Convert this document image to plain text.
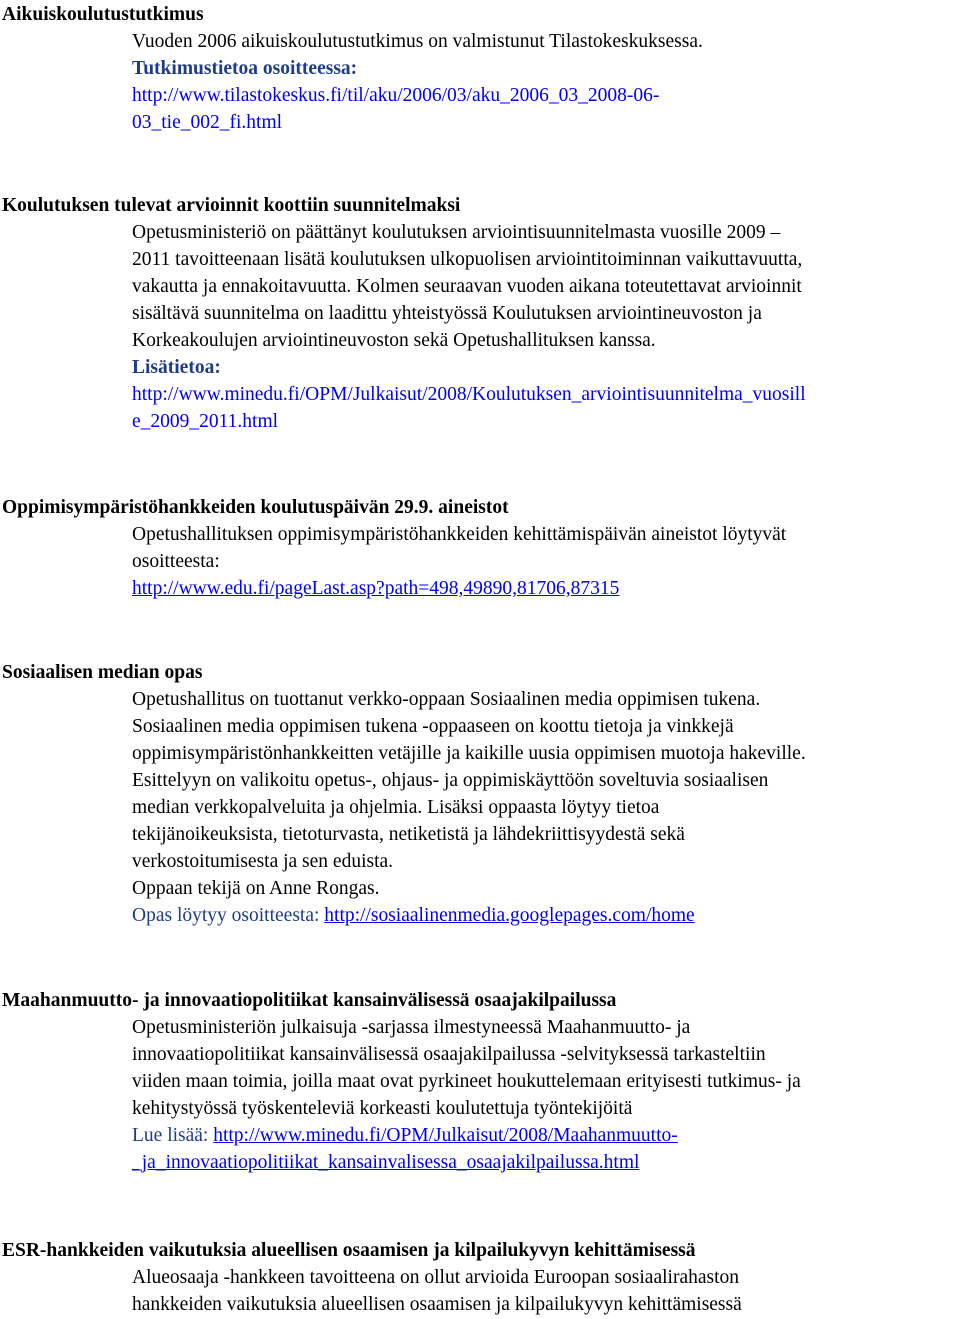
Aikuiskoulutustutkimus
Vuoden 2006 aikuiskoulutustutkimus on valmistunut Tilastokeskuksessa.
Tutkimustietoa osoitteessa:
http://www.tilastokeskus.fi/til/aku/2006/03/aku_2006_03_2008-06-
03_tie_002_fi.html
Koulutuksen tulevat arvioinnit koottiin suunnitelmaksi
Opetusministeriö on päättänyt koulutuksen arviointisuunnitelmasta vuosille 2009 –
2011 tavoitteenaan lisätä koulutuksen ulkopuolisen arviointitoiminnan vaikuttavuutta,
vakautta ja ennakoitavuutta. Kolmen seuraavan vuoden aikana toteutettavat arvioinnit
sisältävä suunnitelma on laadittu yhteistyössä Koulutuksen arviointineuvoston ja
Korkeakoulujen arviointineuvoston sekä Opetushallituksen kanssa.
Lisätietoa:
http://www.minedu.fi/OPM/Julkaisut/2008/Koulutuksen_arviointisuunnitelma_vuosill
e_2009_2011.html
Oppimisympäristöhankkeiden koulutuspäivän 29.9. aineistot
Opetushallituksen oppimisympäristöhankkeiden kehittämispäivän aineistot löytyvät
osoitteesta:
http://www.edu.fi/pageLast.asp?path=498,49890,81706,87315
Sosiaalisen median opas
Opetushallitus on tuottanut verkko-oppaan Sosiaalinen media oppimisen tukena.
Sosiaalinen media oppimisen tukena -oppaaseen on koottu tietoja ja vinkkejä
oppimisympäristönhankkeitten vetäjille ja kaikille uusia oppimisen muotoja hakeville.
Esittelyyn on valikoitu opetus-, ohjaus- ja oppimiskäyttöön soveltuvia sosiaalisen
median verkkopalveluita ja ohjelmia. Lisäksi oppaasta löytyy tietoa
tekijänoikeuksista, tietoturvasta, netiketistä ja lähdekriittisyydestä sekä
verkostoitumisesta ja sen eduista.
Oppaan tekijä on Anne Rongas.
Opas löytyy osoitteesta: http://sosiaalinenmedia.googlepages.com/home
Maahanmuutto- ja innovaatiopolitiikat kansainvälisessä osaajakilpailussa
Opetusministeriön julkaisuja -sarjassa ilmestyneessä Maahanmuutto- ja
innovaatiopolitiikat kansainvälisessä osaajakilpailussa -selvityksessä tarkasteltiin
viiden maan toimia, joilla maat ovat pyrkineet houkuttelemaan erityisesti tutkimus- ja
kehitystyössä työskenteleviä korkeasti koulutettuja työntekijöitä
Lue lisää: http://www.minedu.fi/OPM/Julkaisut/2008/Maahanmuutto-
_ja_innovaatiopolitiikat_kansainvalisessa_osaajakilpailussa.html
ESR-hankkeiden vaikutuksia alueellisen osaamisen ja kilpailukyvyn kehittämisessä
Alueosaaja -hankkeen tavoitteena on ollut arvioida Euroopan sosiaalirahaston
hankkeiden vaikutuksia alueellisen osaamisen ja kilpailukyvyn kehittämisessä
